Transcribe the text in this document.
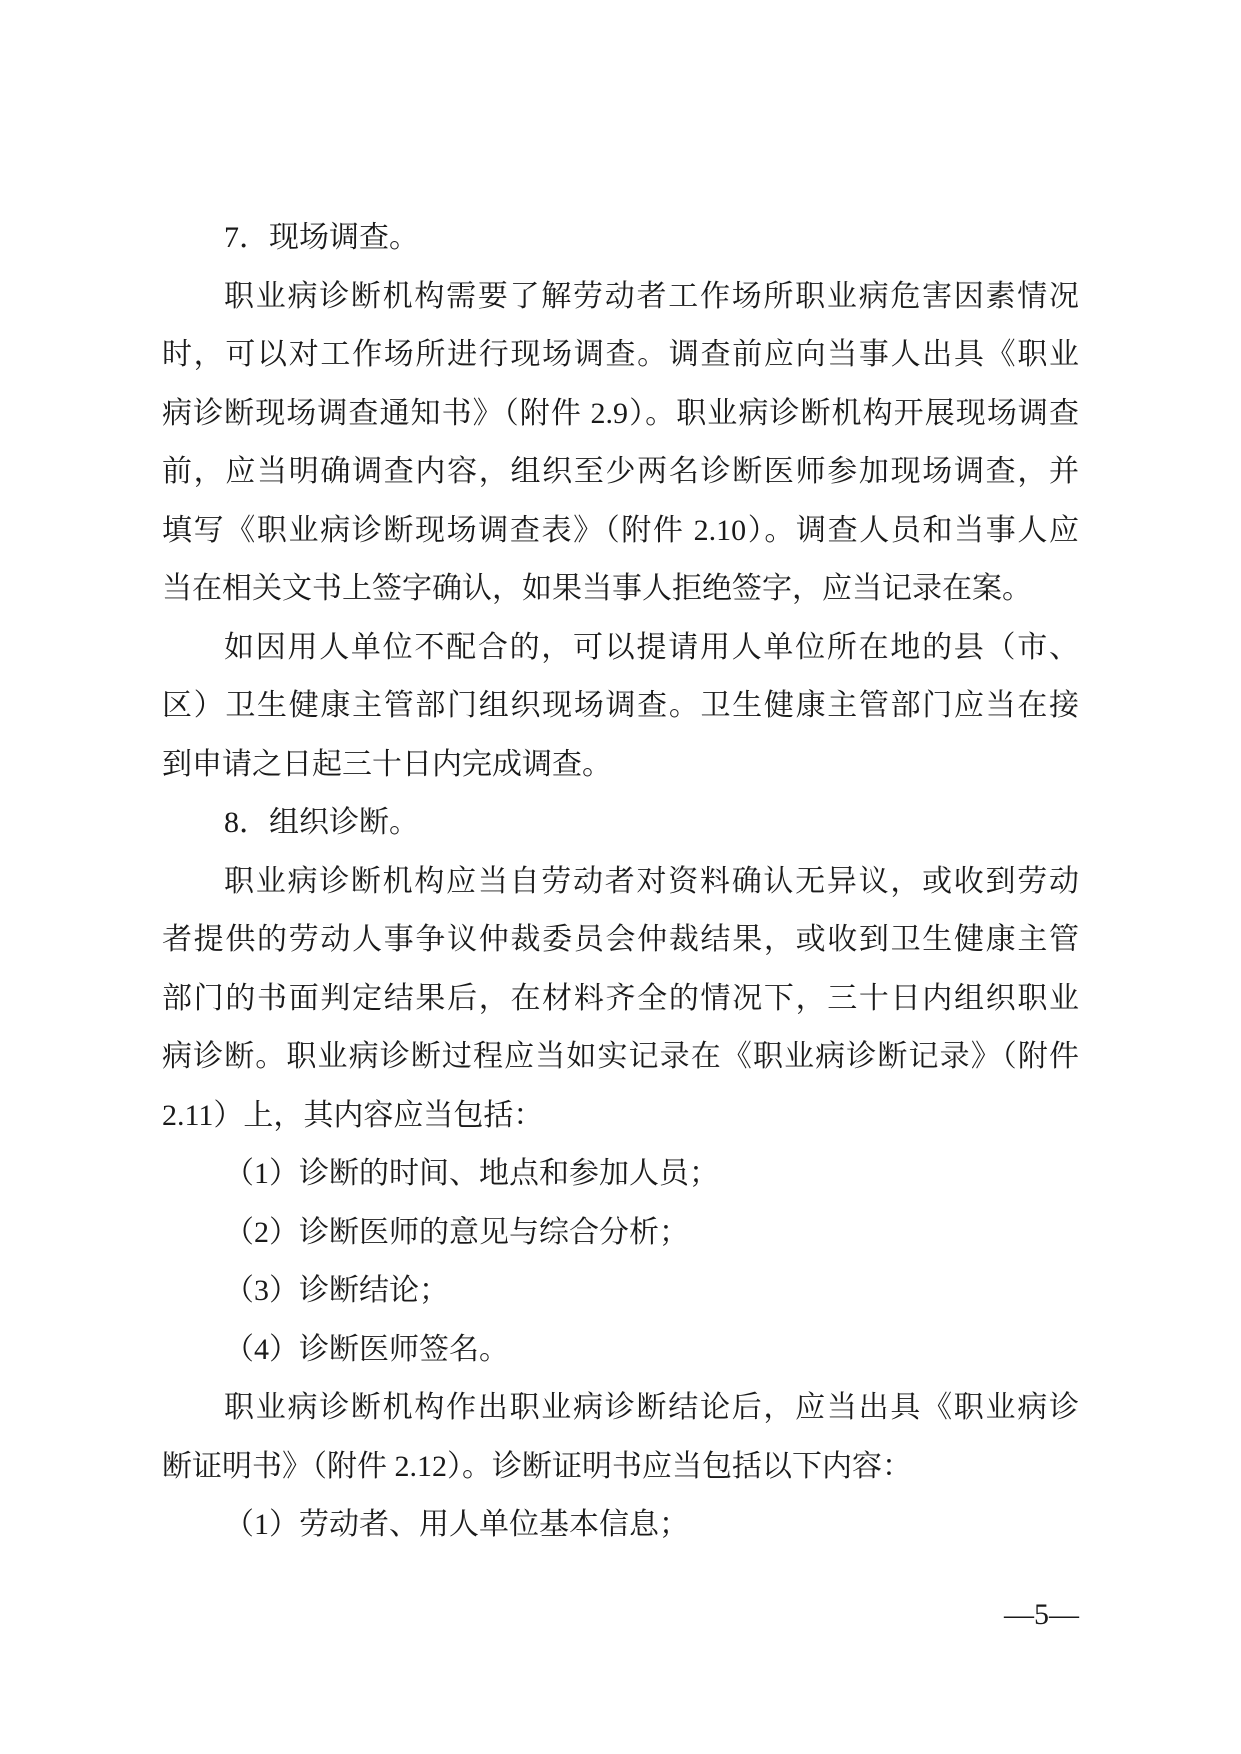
7．现场调查。
职业病诊断机构需要了解劳动者工作场所职业病危害因素情况
时，可以对工作场所进行现场调查。调查前应向当事人出具《职业
病诊断现场调查通知书》（附件 2.9）。职业病诊断机构开展现场调查
前，应当明确调查内容，组织至少两名诊断医师参加现场调查，并
填写《职业病诊断现场调查表》（附件 2.10）。调查人员和当事人应
当在相关文书上签字确认，如果当事人拒绝签字，应当记录在案。
如因用人单位不配合的，可以提请用人单位所在地的县（市、
区）卫生健康主管部门组织现场调查。卫生健康主管部门应当在接
到申请之日起三十日内完成调查。
8．组织诊断。
职业病诊断机构应当自劳动者对资料确认无异议，或收到劳动
者提供的劳动人事争议仲裁委员会仲裁结果，或收到卫生健康主管
部门的书面判定结果后，在材料齐全的情况下，三十日内组织职业
病诊断。职业病诊断过程应当如实记录在《职业病诊断记录》（附件
2.11）上，其内容应当包括：
（1）诊断的时间、地点和参加人员；
（2）诊断医师的意见与综合分析；
（3）诊断结论；
（4）诊断医师签名。
职业病诊断机构作出职业病诊断结论后，应当出具《职业病诊
断证明书》（附件 2.12）。诊断证明书应当包括以下内容：
（1）劳动者、用人单位基本信息；
—5—
